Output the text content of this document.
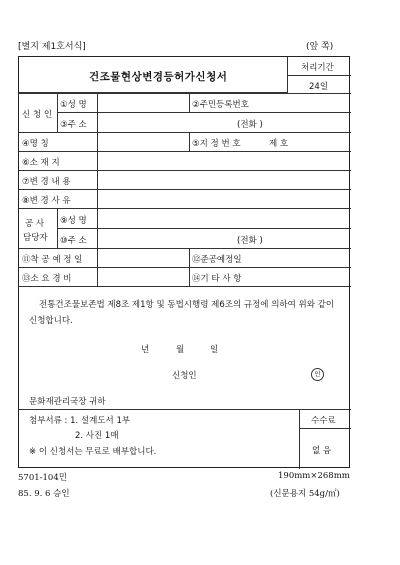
[별지 제1호서식]	(앞 쪽)
건조물현상변경등허가신청서
처리기간
24일
신 청 인
①성 명	②주민등록번호
③주 소	(전화 )
④명 칭	⑤지 정 번 호	제 호
⑥소 재 지
⑦변 경 내 용
⑧변 경 사 유
공 사
담당자
⑨성 명
⑩주 소	(전화 )
⑪착 공 예 정 일	⑫준공예정일
⑬소 요 경 비	⑭기 타 사 항
전통건조물보존법 제8조 제1항 및 동법시행령 제6조의 규정에 의하여 위와 같이 신청합니다.
년	월	일
신청인	인
문화재관리국장 귀하
첨부서류 : 1. 설계도서 1부
2. 사진 1매
※ 이 신청서는 무료로 배부합니다.
수수료
없 음
5701-104민	190mm×268mm
85. 9. 6 승인	(신문용지 54g/㎡)
